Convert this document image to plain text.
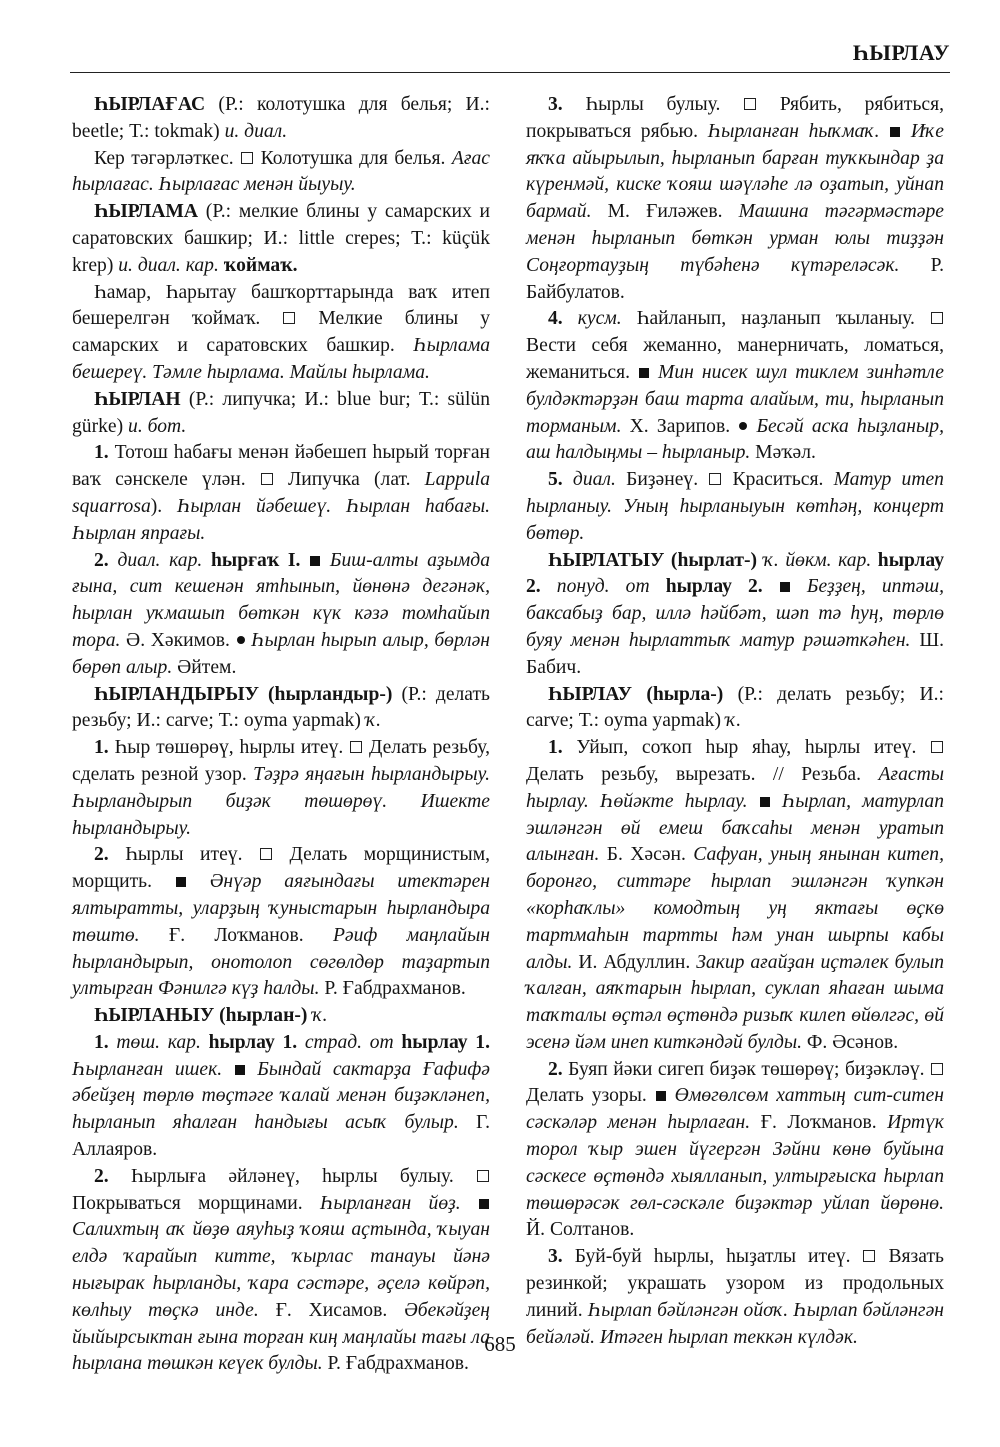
ҺЫРЛАУ

ҺЫРЛАҒАС (Р.: колотушка для белья; И.: beetle; Т.: tokmak) и. диал.

Кер тәгәрләткес.  Колотушка для белья. Ағас һырлағас. Һырлағас менән йыуыу.

ҺЫРЛАМА (Р.: мелкие блины у самарских и саратовских башкир; И.: little crepes; Т.: küçük krep) и. диал. кар. ҡоймаҡ.

Һамар, Һарытау башҡорттарында ваҡ итеп бешерелгән ҡоймаҡ.  Мелкие блины у самарских и саратовских башкир. Һырлама бешереү. Тәмле һырлама. Майлы һырлама.

ҺЫРЛАН (Р.: липучка; И.: blue bur; Т.: sülün gürke) и. бот.

1. Тотош һабағы менән йәбешеп һырый торған ваҡ сәнскеле үлән.  Липучка (лат. Lappula squarrosa). Һырлан йәбешеү. Һырлан һабағы. Һырлан япрағы.

2. диал. кар. һырғаҡ I.  Биш-алты аҙымда ғына, сит кешенән ятһынып, йөнөнә дегәнәк, һырлан уҡмашып бөткән күк кәзә томһайып тора. Ә. Хәкимов.  Һырлан һырып алыр, бөрлән бөрөп алыр. Әйтем.

ҺЫРЛАНДЫРЫУ (һырландыр-) (Р.: делать резьбу; И.: carve; Т.: oyma yapmak) ҡ.

1. Һыр төшөрөү, һырлы итеү.  Делать резьбу, сделать резной узор. Тәҙрә яңағын һырландырыу. Һырландырып биҙәк төшөрөү. Ишекте һырландырыу.

2. Һырлы итеү.  Делать морщинистым, морщить.  Әнүәр аяғындағы итектәрен ялтыратты, уларҙың ҡуныстарын һырландыра төштө. Ғ. Лоҡманов. Рәиф маңлайын һырландырып, онотолоп сөгөлдөр таҙартып ултырған Фәнилгә күҙ һалды. Р. Ғабдрахманов.

ҺЫРЛАНЫУ (һырлан-) ҡ.

1. төш. кар. һырлау 1. страд. от һырлау 1. Һырланған ишек.  Бындай сактарҙа Ғафифә әбейҙең төрлө төҫтәге ҡалай менән биҙәкләнеп, һырланып яһалған һандығы асыҡ булыр. Г. Аллаяров.

2. Һырлыға әйләнеү, һырлы булыу.  Покрываться морщинами. Һырланған йөҙ.  Салихтың аҡ йөҙө аяуһыҙ ҡояш аҫтында, ҡыуан елдә ҡарайып китте, ҡырлас танауы йәнә нығырак һырланды, ҡара сәстәре, әҫелә көйрәп, көлһыу төҫкә инде. Ғ. Хисамов. Әбекәйҙең йыйырсыктан ғына торған киң маңлайы тағы ла һырлана төшкән кеүек булды. Р. Ғабдрахманов.

3. Һырлы булыу.  Рябить, рябиться, покрываться рябью. Һырланған һыҡмаҡ.  Иҡе яҡҡа айырылып, һырланып барған туҡкындар ҙа күренмәй, киске ҡояш шәүләһе лә оҙатып, уйнап бармай. М. Ғиләжев. Машина тәгәрмәстәре менән һырланып бөткән урман юлы тиҙҙән Соңғортауҙың түбәһенә күтәреләсәк. Р. Байбулатов.

4. кусм. Һайланып, наҙланып ҡыланыу.  Вести себя жеманно, манерничать, ломаться, жеманиться.  Мин нисек шул тиклем зинһәтле булдәктәрҙән баш тарта алайым, ти, һырланып торманым. Х. Зарипов.  Бесәй аска һыҙланыр, аш һалдыңмы – һырланыр. Мәҡәл.

5. диал. Биҙәнеү.  Краситься. Матур итеп һырланыу. Уның һырланыуын көтһәң, концерт бөтөр.

ҺЫРЛАТЫУ (һырлат-) ҡ. йөкм. кар. һырлау 2. понуд. от һырлау 2.  Беҙҙең, иптәш, баксабыҙ бар, иллә һәйбәт, шәп тә һуң, төрлө буяу менән һырлаттыҡ матур рәшәткәһен. Ш. Бабич.

ҺЫРЛАУ (һырла-) (Р.: делать резьбу; И.: carve; Т.: oyma yapmak) ҡ.

1. Уйып, соҡоп һыр яһау, һырлы итеү.  Делать резьбу, вырезать. // Резьба. Ағасты һырлау. Һөйәкте һырлау.  Һырлап, матурлап эшләнгән өй емеш баҡсаһы менән уратып алынған. Б. Хәсән. Сафуан, уның янынан китеп, боронғо, ситтәре һырлап эшләнгән ҡупкән «корһаҡлы» комодтың уң яктағы өҫкө тартмаһын тартты һәм унан шырпы кабы алды. И. Абдуллин. Закир ағайҙан иҫтәлек булып ҡалған, аяҡтарын һырлап, суклап яһаған шыма таҡталы өҫтәл өҫтөндә ризыҡ килеп өйөлгәс, өй эсенә йәм инеп киткәндәй булды. Ф. Әсәнов.

2. Буяп йәки сигеп биҙәк төшөрөү; биҙәкләү.  Делать узоры.  Өмөгөлсөм хаттың сит-ситен сәскәләр менән һырлаған. Ғ. Лоҡманов. Иртүк торол ҡыр эшен йүгергән Зәйни көнө буйына сәскесе өҫтөндә хыялланып, ултырғыска һырлап төшөрәсәк гөл-сәскәле биҙәктәр уйлап йөрөнө. Й. Солтанов.

3. Буй-буй һырлы, һыҙатлы итеү.  Вязать резинкой; украшать узором из продольных линий. Һырлап бәйләнгән ойоҡ. Һырлап бәйләнгән бейәләй. Итәген һырлап теккән күлдәк.

685
